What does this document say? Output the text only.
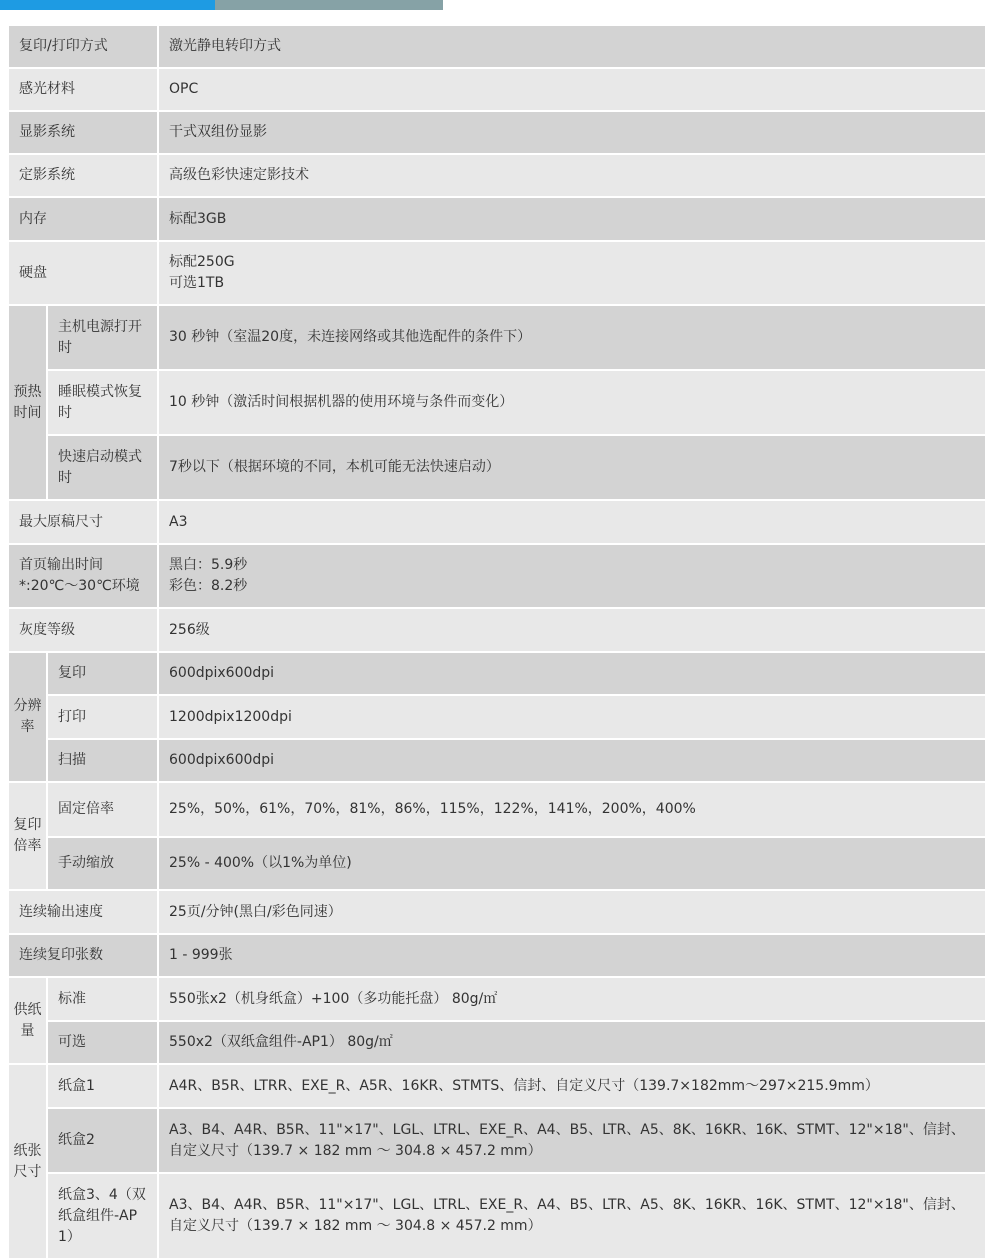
复印/打印方式		激光静电转印方式
感光材料		OPC
显影系统		干式双组份显影
定影系统		高级色彩快速定影技术
内存		标配3GB
硬盘		标配250G
可选1TB

预热时间	主机电源打开时	30 秒钟（室温20度，未连接网络或其他选配件的条件下）
	睡眠模式恢复时	10 秒钟（激活时间根据机器的使用环境与条件而变化）
	快速启动模式时	7秒以下（根据环境的不同，本机可能无法快速启动）
最大原稿尺寸		A3

首页输出时间
*:20℃～30℃环境		黑白：5.9秒
彩色：8.2秒

灰度等级		256级
分辨率	复印	600dpix600dpi
	打印	1200dpix1200dpi
	扫描	600dpix600dpi
复印倍率	固定倍率	25%，50%，61%，70%，81%，86%，115%，122%，141%，200%，400%
	手动缩放	25% - 400%（以1%为单位)
连续输出速度		25页/分钟(黑白/彩色同速）
连续复印张数		1 - 999张
供纸量	标准	550张x2（机身纸盒）+100（多功能托盘） 80g/㎡
	可选	550x2（双纸盒组件-AP1） 80g/㎡
纸张尺寸	纸盒1	A4R、B5R、LTRR、EXE_R、A5R、16KR、STMTS、信封、自定义尺寸（139.7×182mm～297×215.9mm）
	纸盒2	A3、B4、A4R、B5R、11"×17"、LGL、LTRL、EXE_R、A4、B5、LTR、A5、8K、16KR、16K、STMT、12"×18"、信封、 自定义尺寸（139.7 × 182 mm ～ 304.8 × 457.2 mm）
	纸盒3、4（双纸盒组件-AP1）	A3、B4、A4R、B5R、11"×17"、LGL、LTRL、EXE_R、A4、B5、LTR、A5、8K、16KR、16K、STMT、12"×18"、信封、 自定义尺寸（139.7 × 182 mm ～ 304.8 × 457.2 mm）
